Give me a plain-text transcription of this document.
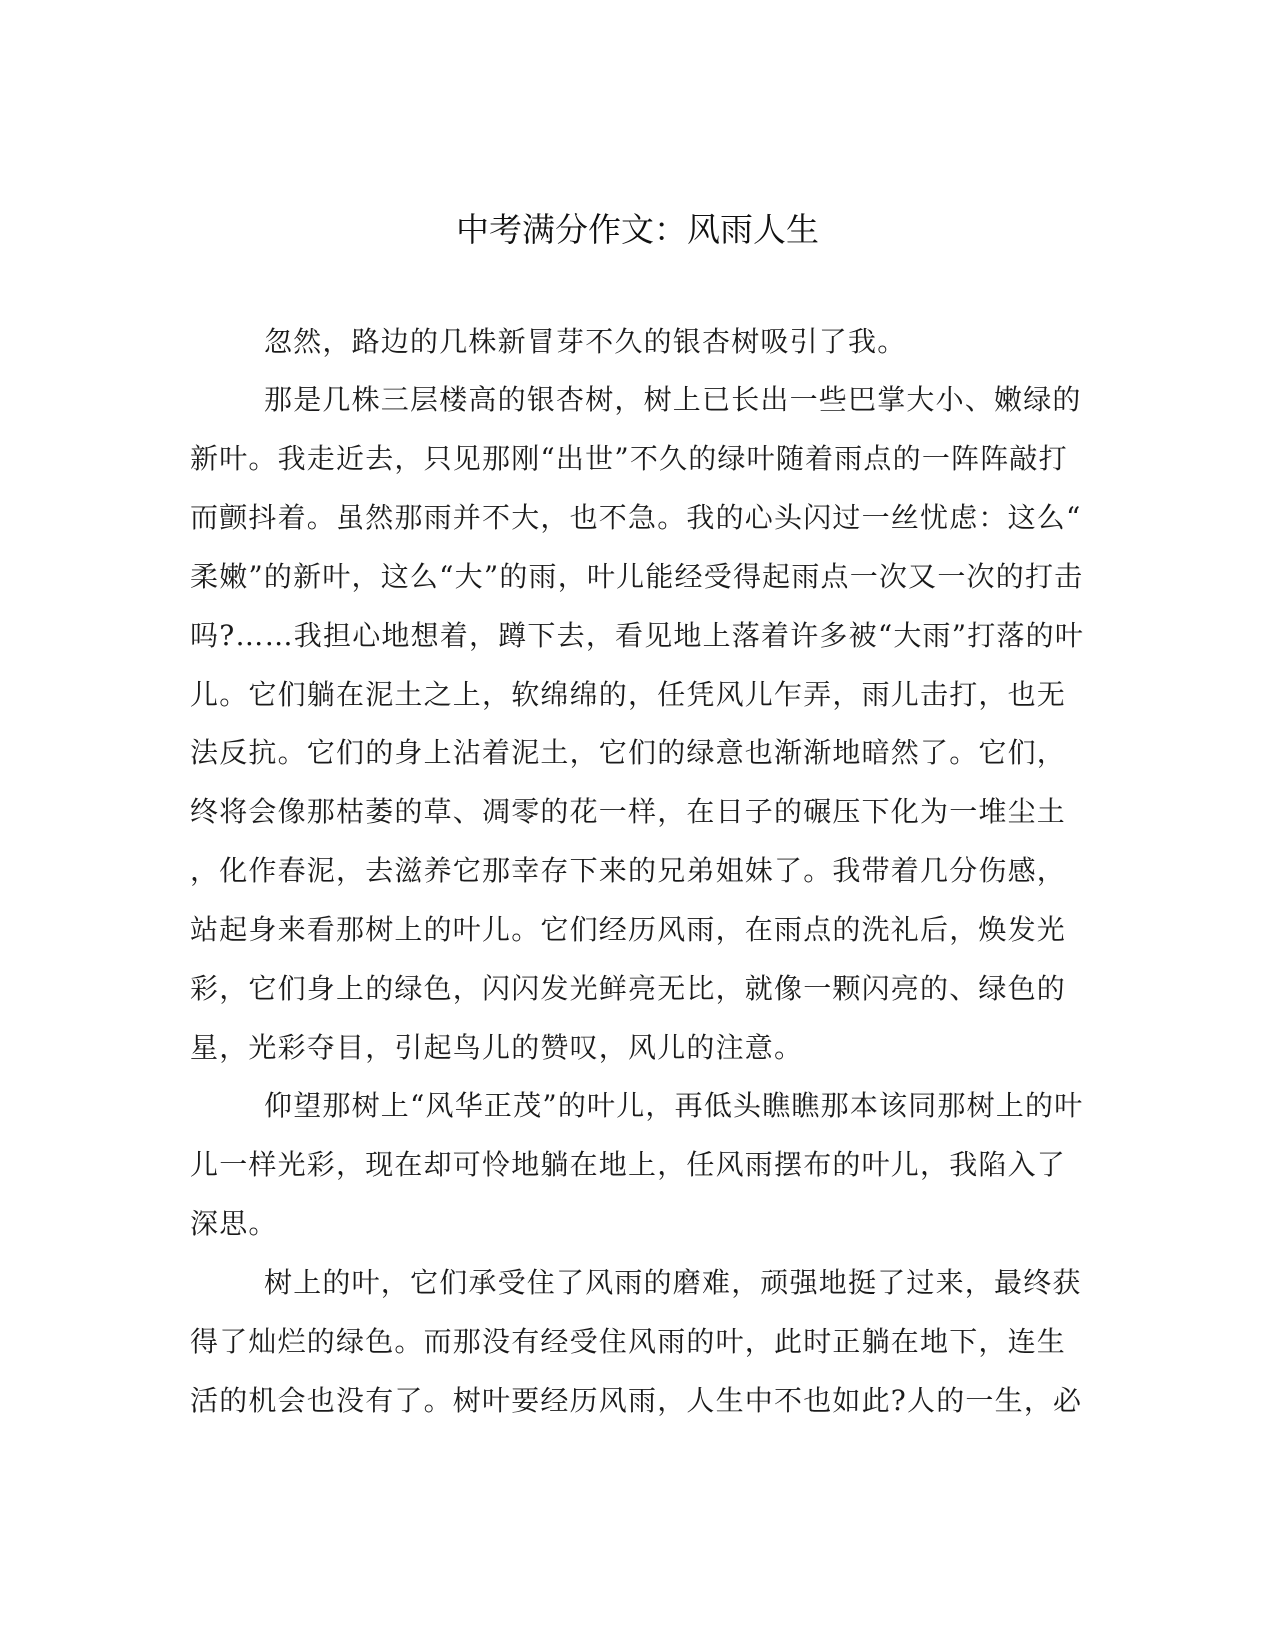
中考满分作文：风雨人生
忽然，路边的几株新冒芽不久的银杏树吸引了我。
那是几株三层楼高的银杏树，树上已长出一些巴掌大小、嫩绿的
新叶。我走近去，只见那刚“出世”不久的绿叶随着雨点的一阵阵敲打
而颤抖着。虽然那雨并不大，也不急。我的心头闪过一丝忧虑：这么“
柔嫩”的新叶，这么“大”的雨，叶儿能经受得起雨点一次又一次的打击
吗?……我担心地想着，蹲下去，看见地上落着许多被“大雨”打落的叶
儿。它们躺在泥土之上，软绵绵的，任凭风儿乍弄，雨儿击打，也无
法反抗。它们的身上沾着泥土，它们的绿意也渐渐地暗然了。它们，
终将会像那枯萎的草、凋零的花一样，在日子的碾压下化为一堆尘土
，化作春泥，去滋养它那幸存下来的兄弟姐妹了。我带着几分伤感，
站起身来看那树上的叶儿。它们经历风雨，在雨点的洗礼后，焕发光
彩，它们身上的绿色，闪闪发光鲜亮无比，就像一颗闪亮的、绿色的
星，光彩夺目，引起鸟儿的赞叹，风儿的注意。
仰望那树上“风华正茂”的叶儿，再低头瞧瞧那本该同那树上的叶
儿一样光彩，现在却可怜地躺在地上，任风雨摆布的叶儿，我陷入了
深思。
树上的叶，它们承受住了风雨的磨难，顽强地挺了过来，最终获
得了灿烂的绿色。而那没有经受住风雨的叶，此时正躺在地下，连生
活的机会也没有了。树叶要经历风雨，人生中不也如此?人的一生，必
